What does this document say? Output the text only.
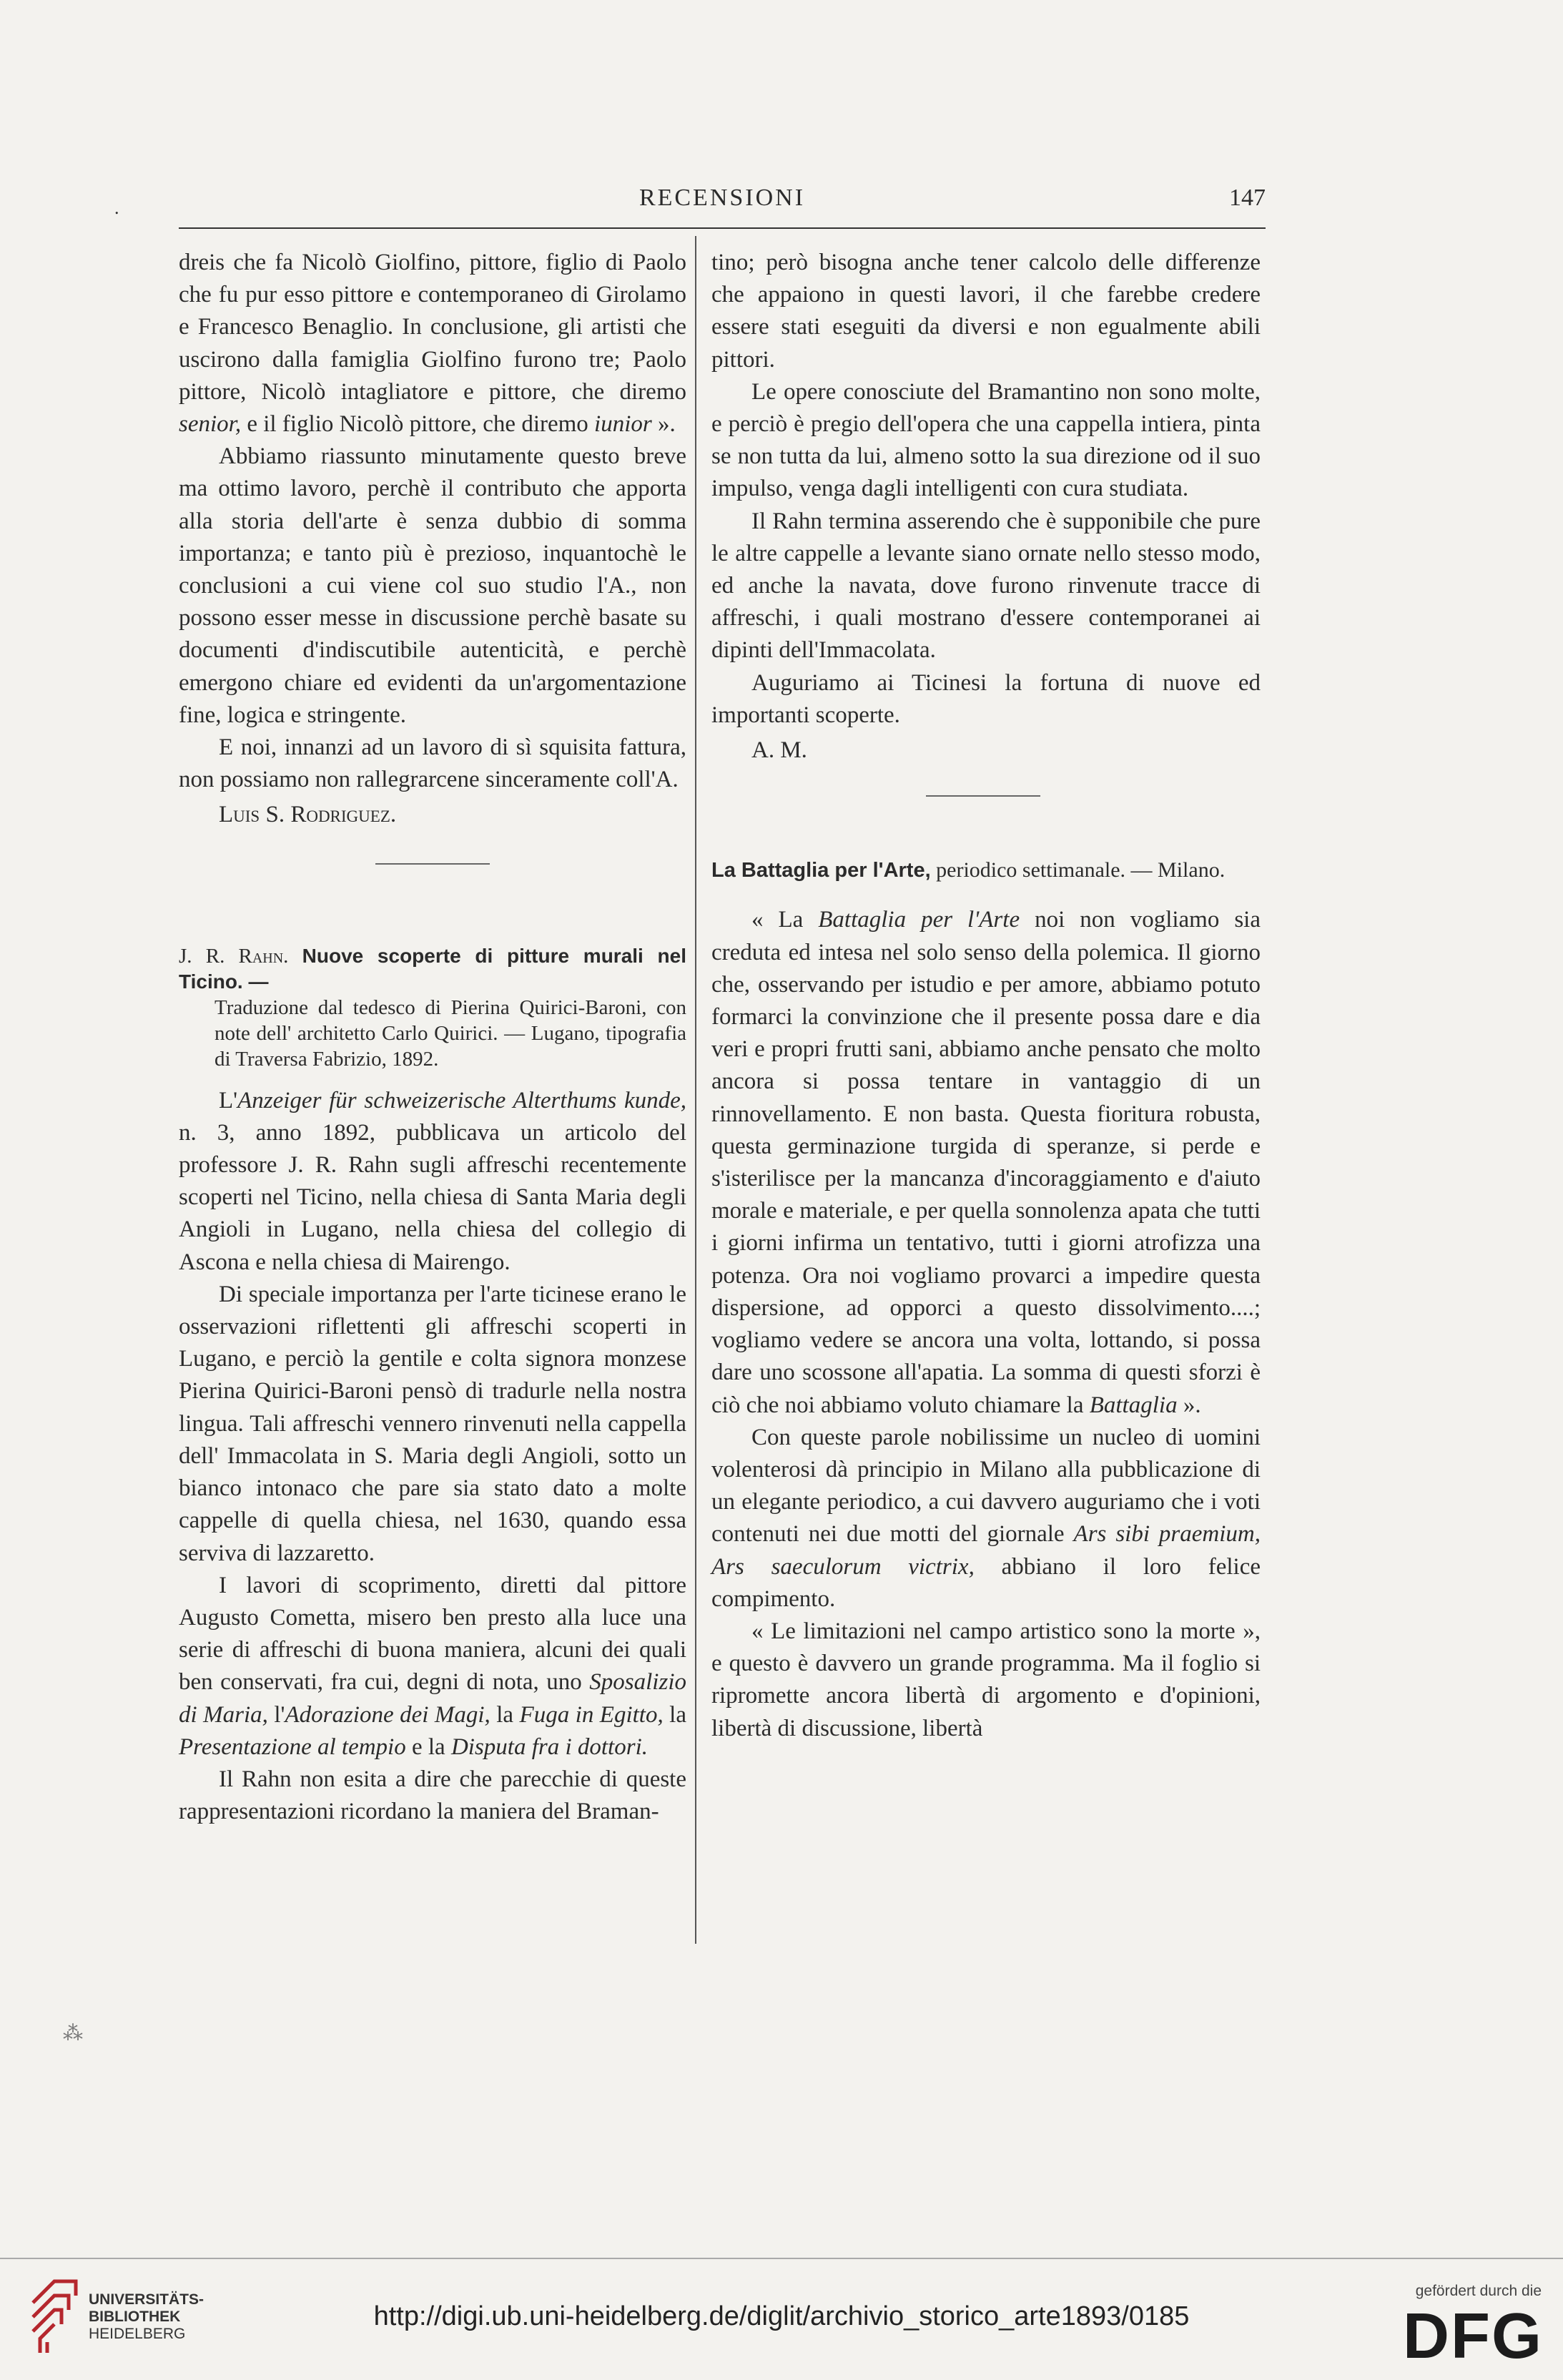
.	RECENSIONI	147

dreis che fa Nicolò Giolfino, pittore, figlio di Paolo che fu pur esso pittore e contemporaneo di Girolamo e Francesco Benaglio. In conclusione, gli artisti che uscirono dalla famiglia Giolfino furono tre; Paolo pittore, Nicolò intagliatore e pittore, che diremo senior, e il figlio Nicolò pittore, che diremo iunior ».

Abbiamo riassunto minutamente questo breve ma ottimo lavoro, perchè il contributo che apporta alla storia dell'arte è senza dubbio di somma importanza; e tanto più è prezioso, inquantochè le conclusioni a cui viene col suo studio l'A., non possono esser messe in discussione perchè basate su documenti d'indiscutibile autenticità, e perchè emergono chiare ed evidenti da un'argomentazione fine, logica e stringente.

E noi, innanzi ad un lavoro di sì squisita fattura, non possiamo non rallegrarcene sinceramente coll'A.

Luis S. Rodriguez.

J. R. Rahn. Nuove scoperte di pitture murali nel Ticino. —
Traduzione dal tedesco di Pierina Quirici-Baroni, con note dell' architetto Carlo Quirici. — Lugano, tipografia di Traversa Fabrizio, 1892.

L'Anzeiger für schweizerische Alterthums kunde, n. 3, anno 1892, pubblicava un articolo del professore J. R. Rahn sugli affreschi recentemente scoperti nel Ticino, nella chiesa di Santa Maria degli Angioli in Lugano, nella chiesa del collegio di Ascona e nella chiesa di Mairengo.

Di speciale importanza per l'arte ticinese erano le osservazioni riflettenti gli affreschi scoperti in Lugano, e perciò la gentile e colta signora monzese Pierina Quirici-Baroni pensò di tradurle nella nostra lingua. Tali affreschi vennero rinvenuti nella cappella dell' Immacolata in S. Maria degli Angioli, sotto un bianco intonaco che pare sia stato dato a molte cappelle di quella chiesa, nel 1630, quando essa serviva di lazzaretto.

I lavori di scoprimento, diretti dal pittore Augusto Cometta, misero ben presto alla luce una serie di affreschi di buona maniera, alcuni dei quali ben conservati, fra cui, degni di nota, uno Sposalizio di Maria, l'Adorazione dei Magi, la Fuga in Egitto, la Presentazione al tempio e la Disputa fra i dottori.

Il Rahn non esita a dire che parecchie di queste rappresentazioni ricordano la maniera del Braman-

tino; però bisogna anche tener calcolo delle differenze che appaiono in questi lavori, il che farebbe credere essere stati eseguiti da diversi e non egualmente abili pittori.

Le opere conosciute del Bramantino non sono molte, e perciò è pregio dell'opera che una cappella intiera, pinta se non tutta da lui, almeno sotto la sua direzione od il suo impulso, venga dagli intelligenti con cura studiata.

Il Rahn termina asserendo che è supponibile che pure le altre cappelle a levante siano ornate nello stesso modo, ed anche la navata, dove furono rinvenute tracce di affreschi, i quali mostrano d'essere contemporanei ai dipinti dell'Immacolata.

Auguriamo ai Ticinesi la fortuna di nuove ed importanti scoperte.

A. M.

La Battaglia per l'Arte, periodico settimanale. — Milano.

« La Battaglia per l'Arte noi non vogliamo sia creduta ed intesa nel solo senso della polemica. Il giorno che, osservando per istudio e per amore, abbiamo potuto formarci la convinzione che il presente possa dare e dia veri e propri frutti sani, abbiamo anche pensato che molto ancora si possa tentare in vantaggio di un rinnovellamento. E non basta. Questa fioritura robusta, questa germinazione turgida di speranze, si perde e s'isterilisce per la mancanza d'incoraggiamento e d'aiuto morale e materiale, e per quella sonnolenza apata che tutti i giorni infirma un tentativo, tutti i giorni atrofizza una potenza. Ora noi vogliamo provarci a impedire questa dispersione, ad opporci a questo dissolvimento....; vogliamo vedere se ancora una volta, lottando, si possa dare uno scossone all'apatia. La somma di questi sforzi è ciò che noi abbiamo voluto chiamare la Battaglia ».

Con queste parole nobilissime un nucleo di uomini volenterosi dà principio in Milano alla pubblicazione di un elegante periodico, a cui davvero auguriamo che i voti contenuti nei due motti del giornale Ars sibi praemium, Ars saeculorum victrix, abbiano il loro felice compimento.

« Le limitazioni nel campo artistico sono la morte », e questo è davvero un grande programma. Ma il foglio si ripromette ancora libertà di argomento e d'opinioni, libertà di discussione, libertà

⁂
UNIVERSITÄTS-
BIBLIOTHEK
HEIDELBERG
http://digi.ub.uni-heidelberg.de/diglit/archivio_storico_arte1893/0185
gefördert durch die
DFG
